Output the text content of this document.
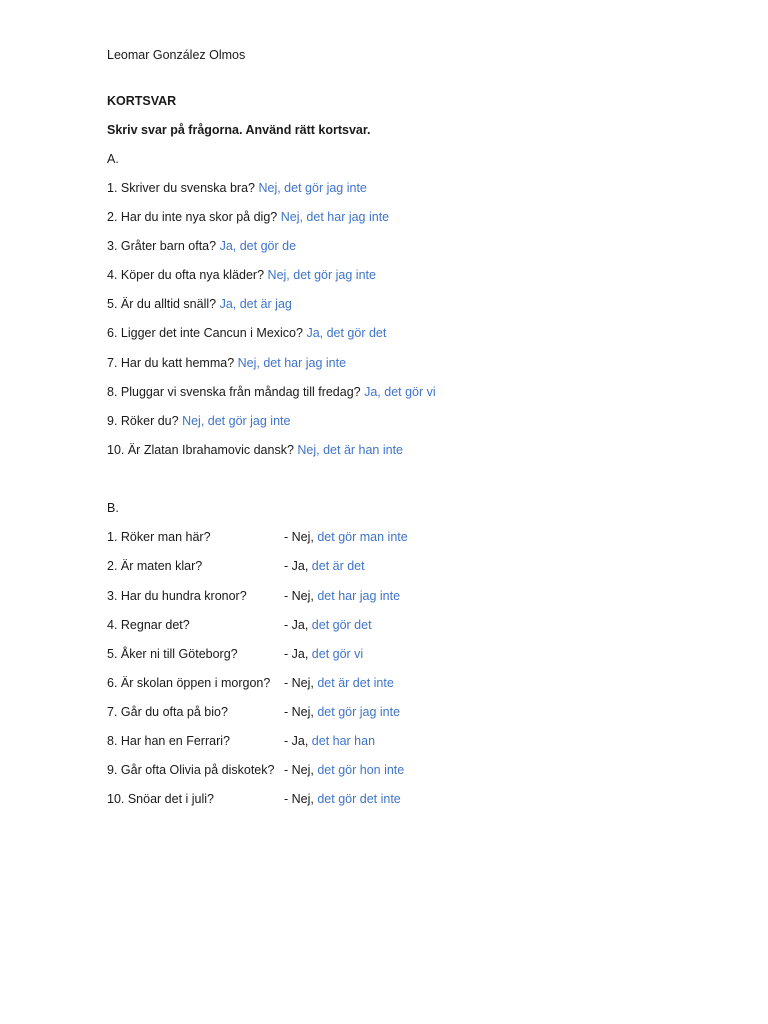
Leomar González Olmos
KORTSVAR
Skriv svar på frågorna. Använd rätt kortsvar.
A.
1. Skriver du svenska bra? Nej, det gör jag inte
2. Har du inte nya skor på dig? Nej, det har jag inte
3. Gråter barn ofta? Ja, det gör de
4. Köper du ofta nya kläder? Nej, det gör jag inte
5. Är du alltid snäll? Ja, det är jag
6. Ligger det inte Cancun i Mexico? Ja, det gör det
7. Har du katt hemma? Nej, det har jag inte
8. Pluggar vi svenska från måndag till fredag? Ja, det gör vi
9. Röker du? Nej, det gör jag inte
10. Är Zlatan Ibrahamovic dansk? Nej, det är han inte
B.
1. Röker man här?	- Nej, det gör man inte
2. Är maten klar?	- Ja, det är det
3. Har du hundra kronor?	- Nej, det har jag inte
4. Regnar det?	- Ja, det gör det
5. Åker ni till Göteborg?	- Ja, det gör vi
6. Är skolan öppen i morgon? - Nej, det är det inte
7. Går du ofta på bio?	- Nej, det gör jag inte
8. Har han en Ferrari?	- Ja, det har han
9. Går ofta Olivia på diskotek? - Nej, det gör hon inte
10. Snöar det i juli?	- Nej, det gör det inte
